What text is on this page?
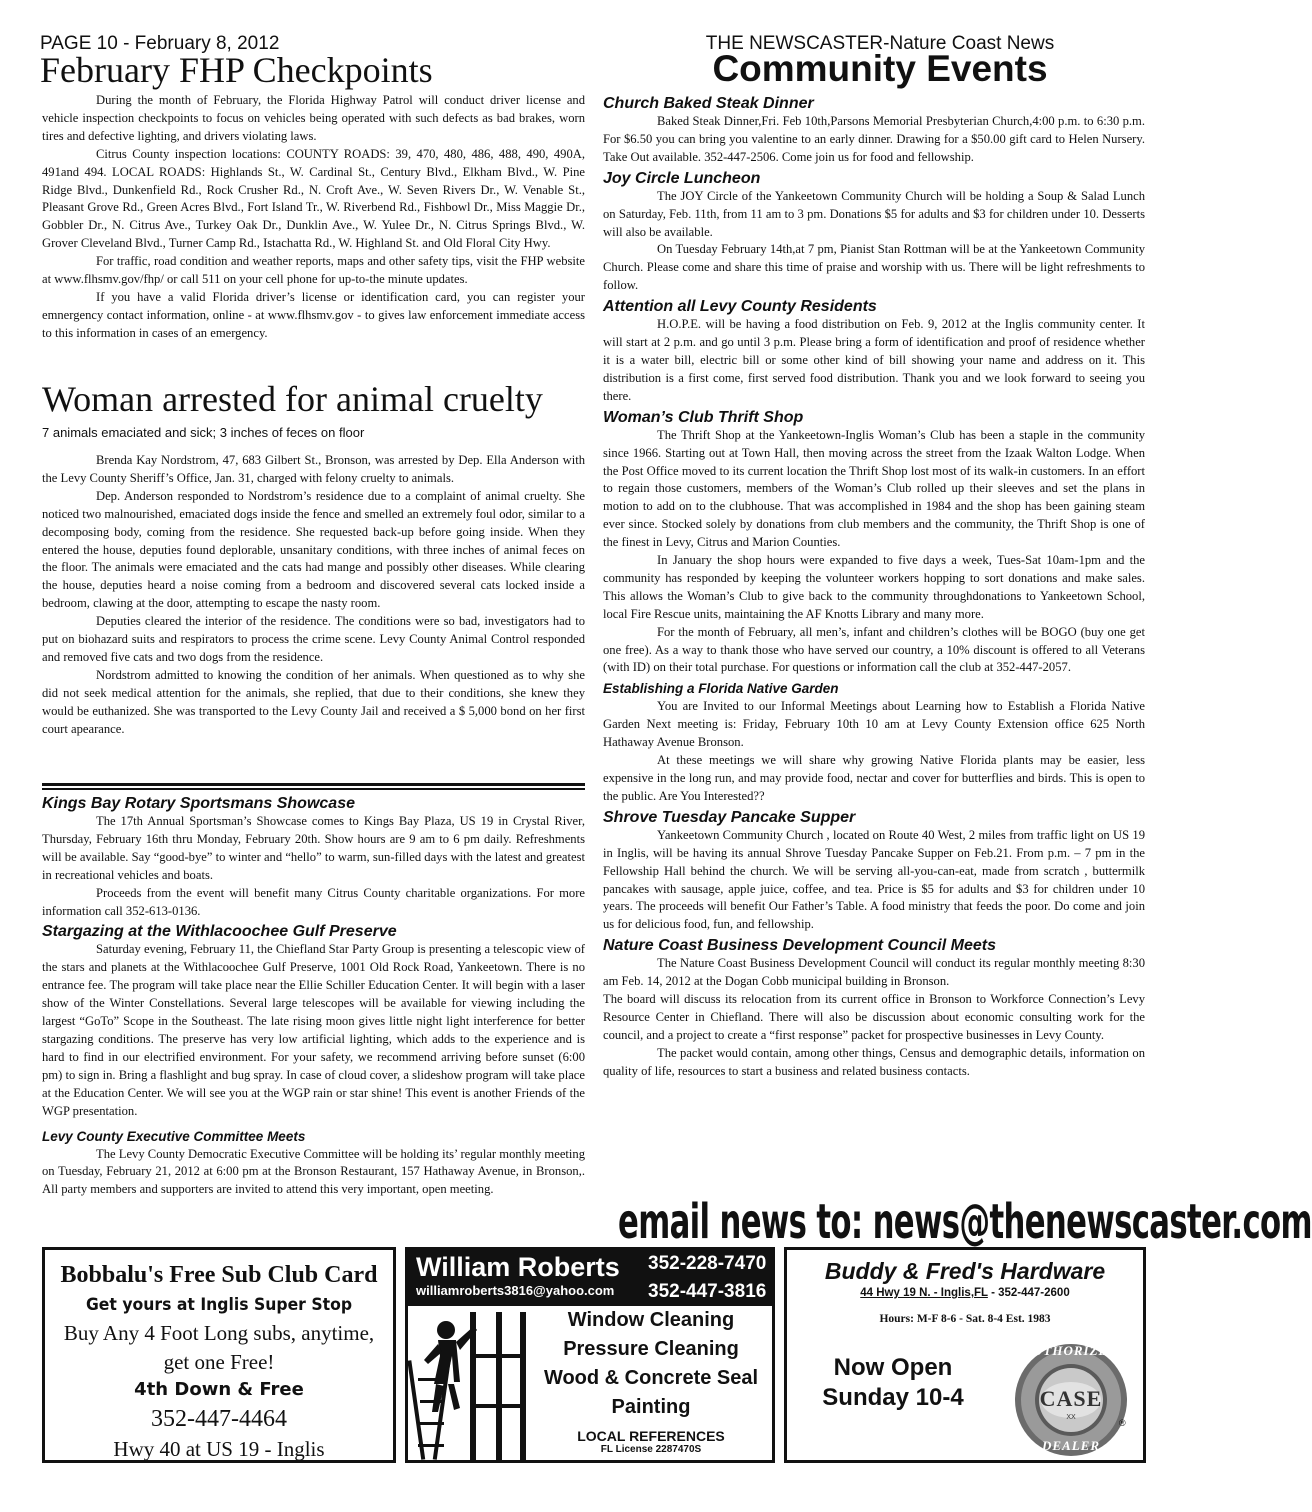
PAGE 10 - February 8, 2012
February FHP Checkpoints
THE NEWSCASTER-Nature Coast News
Community Events

During the month of February, the Florida Highway Patrol will conduct driver license and vehicle inspection checkpoints to focus on vehicles being operated with such defects as bad brakes, worn tires and defective lighting, and drivers violating laws.

Citrus County inspection locations: COUNTY ROADS: 39, 470, 480, 486, 488, 490, 490A, 491and 494. LOCAL ROADS: Highlands St., W. Cardinal St., Century Blvd., Elkham Blvd., W. Pine Ridge Blvd., Dunkenfield Rd., Rock Crusher Rd., N. Croft Ave., W. Seven Rivers Dr., W. Venable St., Pleasant Grove Rd., Green Acres Blvd., Fort Island Tr., W. Riverbend Rd., Fishbowl Dr., Miss Maggie Dr., Gobbler Dr., N. Citrus Ave., Turkey Oak Dr., Dunklin Ave., W. Yulee Dr., N. Citrus Springs Blvd., W. Grover Cleveland Blvd., Turner Camp Rd., Istachatta Rd., W. Highland St. and Old Floral City Hwy.

For traffic, road condition and weather reports, maps and other safety tips, visit the FHP website at www.flhsmv.gov/fhp/ or call 511 on your cell phone for up-to-the minute updates.

If you have a valid Florida driver’s license or identification card, you can register your emnergency contact information, online - at www.flhsmv.gov - to gives law enforcement immediate access to this information in cases of an emergency.

Woman arrested for animal cruelty
7 animals emaciated and sick; 3 inches of feces on floor

Brenda Kay Nordstrom, 47, 683 Gilbert St., Bronson, was arrested by Dep. Ella Anderson with the Levy County Sheriff’s Office, Jan. 31, charged with felony cruelty to animals.

Dep. Anderson responded to Nordstrom’s residence due to a complaint of animal cruelty. She noticed two malnourished, emaciated dogs inside the fence and smelled an extremely foul odor, similar to a decomposing body, coming from the residence. She requested back-up before going inside. When they entered the house, deputies found deplorable, unsanitary conditions, with three inches of animal feces on the floor. The animals were emaciated and the cats had mange and possibly other diseases. While clearing the house, deputies heard a noise coming from a bedroom and discovered several cats locked inside a bedroom, clawing at the door, attempting to escape the nasty room.

Deputies cleared the interior of the residence. The conditions were so bad, investigators had to put on biohazard suits and respirators to process the crime scene. Levy County Animal Control responded and removed five cats and two dogs from the residence.

Nordstrom admitted to knowing the condition of her animals. When questioned as to why she did not seek medical attention for the animals, she replied, that due to their conditions, she knew they would be euthanized. She was transported to the Levy County Jail and received a $ 5,000 bond on her first court apearance.

Kings Bay Rotary Sportsmans Showcase

The 17th Annual Sportsman’s Showcase comes to Kings Bay Plaza, US 19 in Crystal River, Thursday, February 16th thru Monday, February 20th. Show hours are 9 am to 6 pm daily. Refreshments will be available. Say “good-bye” to winter and “hello” to warm, sun-filled days with the latest and greatest in recreational vehicles and boats.

Proceeds from the event will benefit many Citrus County charitable organizations. For more information call 352-613-0136.

Stargazing at the Withlacoochee Gulf Preserve

Saturday evening, February 11, the Chiefland Star Party Group is presenting a telescopic view of the stars and planets at the Withlacoochee Gulf Preserve, 1001 Old Rock Road, Yankeetown. There is no entrance fee. The program will take place near the Ellie Schiller Education Center. It will begin with a laser show of the Winter Constellations. Several large telescopes will be available for viewing including the largest “GoTo” Scope in the Southeast. The late rising moon gives little night light interference for better stargazing conditions. The preserve has very low artificial lighting, which adds to the experience and is hard to find in our electrified environment. For your safety, we recommend arriving before sunset (6:00 pm) to sign in. Bring a flashlight and bug spray. In case of cloud cover, a slideshow program will take place at the Education Center. We will see you at the WGP rain or star shine! This event is another Friends of the WGP presentation.

Levy County Executive Committee Meets

The Levy County Democratic Executive Committee will be holding its’ regular monthly meeting on Tuesday, February 21, 2012 at 6:00 pm at the Bronson Restaurant, 157 Hathaway Avenue, in Bronson,. All party members and supporters are invited to attend this very important, open meeting.

Church Baked Steak Dinner

Baked Steak Dinner,Fri. Feb 10th,Parsons Memorial Presbyterian Church,4:00 p.m. to 6:30 p.m. For $6.50 you can bring you valentine to an early dinner. Drawing for a $50.00 gift card to Helen Nursery. Take Out available. 352-447-2506. Come join us for food and fellowship.

Joy Circle Luncheon

The JOY Circle of the Yankeetown Community Church will be holding a Soup & Salad Lunch on Saturday, Feb. 11th, from 11 am to 3 pm. Donations $5 for adults and $3 for children under 10. Desserts will also be available.

On Tuesday February 14th,at 7 pm, Pianist Stan Rottman will be at the Yankeetown Community Church. Please come and share this time of praise and worship with us. There will be light refreshments to follow.

Attention all Levy County Residents

H.O.P.E. will be having a food distribution on Feb. 9, 2012 at the Inglis community center. It will start at 2 p.m. and go until 3 p.m. Please bring a form of identification and proof of residence whether it is a water bill, electric bill or some other kind of bill showing your name and address on it. This distribution is a first come, first served food distribution. Thank you and we look forward to seeing you there.

Woman’s Club Thrift Shop

The Thrift Shop at the Yankeetown-Inglis Woman’s Club has been a staple in the community since 1966. Starting out at Town Hall, then moving across the street from the Izaak Walton Lodge. When the Post Office moved to its current location the Thrift Shop lost most of its walk-in customers. In an effort to regain those customers, members of the Woman’s Club rolled up their sleeves and set the plans in motion to add on to the clubhouse. That was accomplished in 1984 and the shop has been gaining steam ever since. Stocked solely by donations from club members and the community, the Thrift Shop is one of the finest in Levy, Citrus and Marion Counties.

In January the shop hours were expanded to five days a week, Tues-Sat 10am-1pm and the community has responded by keeping the volunteer workers hopping to sort donations and make sales. This allows the Woman’s Club to give back to the community throughdonations to Yankeetown School, local Fire Rescue units, maintaining the AF Knotts Library and many more.

For the month of February, all men’s, infant and children’s clothes will be BOGO (buy one get one free). As a way to thank those who have served our country, a 10% discount is offered to all Veterans (with ID) on their total purchase. For questions or information call the club at 352-447-2057.

Establishing a Florida Native Garden

You are Invited to our Informal Meetings about Learning how to Establish a Florida Native Garden Next meeting is: Friday, February 10th 10 am at Levy County Extension office 625 North Hathaway Avenue Bronson.

At these meetings we will share why growing Native Florida plants may be easier, less expensive in the long run, and may provide food, nectar and cover for butterflies and birds. This is open to the public. Are You Interested??

Shrove Tuesday Pancake Supper

Yankeetown Community Church , located on Route 40 West, 2 miles from traffic light on US 19 in Inglis, will be having its annual Shrove Tuesday Pancake Supper on Feb.21. From p.m. – 7 pm in the Fellowship Hall behind the church. We will be serving all-you-can-eat, made from scratch , buttermilk pancakes with sausage, apple juice, coffee, and tea. Price is $5 for adults and $3 for children under 10 years. The proceeds will benefit Our Father’s Table. A food ministry that feeds the poor. Do come and join us for delicious food, fun, and fellowship.

Nature Coast Business Development Council Meets

The Nature Coast Business Development Council will conduct its regular monthly meeting 8:30 am Feb. 14, 2012 at the Dogan Cobb municipal building in Bronson.

The board will discuss its relocation from its current office in Bronson to Workforce Connection’s Levy Resource Center in Chiefland. There will also be discussion about economic consulting work for the council, and a project to create a “first response” packet for prospective businesses in Levy County.

The packet would contain, among other things, Census and demographic details, information on quality of life, resources to start a business and related business contacts.

email news to: news@thenewscaster.com
Bobbalu's Free Sub Club Card
Get yours at Inglis Super Stop
Buy Any 4 Foot Long subs, anytime,
get one Free!
4th Down & Free
352-447-4464
Hwy 40 at US 19 - Inglis
William Roberts
williamroberts3816@yahoo.com
352-228-7470
352-447-3816
Window Cleaning
Pressure Cleaning
Wood & Concrete Seal
Painting
LOCAL REFERENCES
FL License 2287470S
Buddy & Fred's Hardware
44 Hwy 19 N. - Inglis,FL - 352-447-2600
Hours: M-F 8-6 - Sat. 8-4 Est. 1983
Now Open
Sunday 10-4
AUTHORIZED
CASE
XX
DEALER
®
